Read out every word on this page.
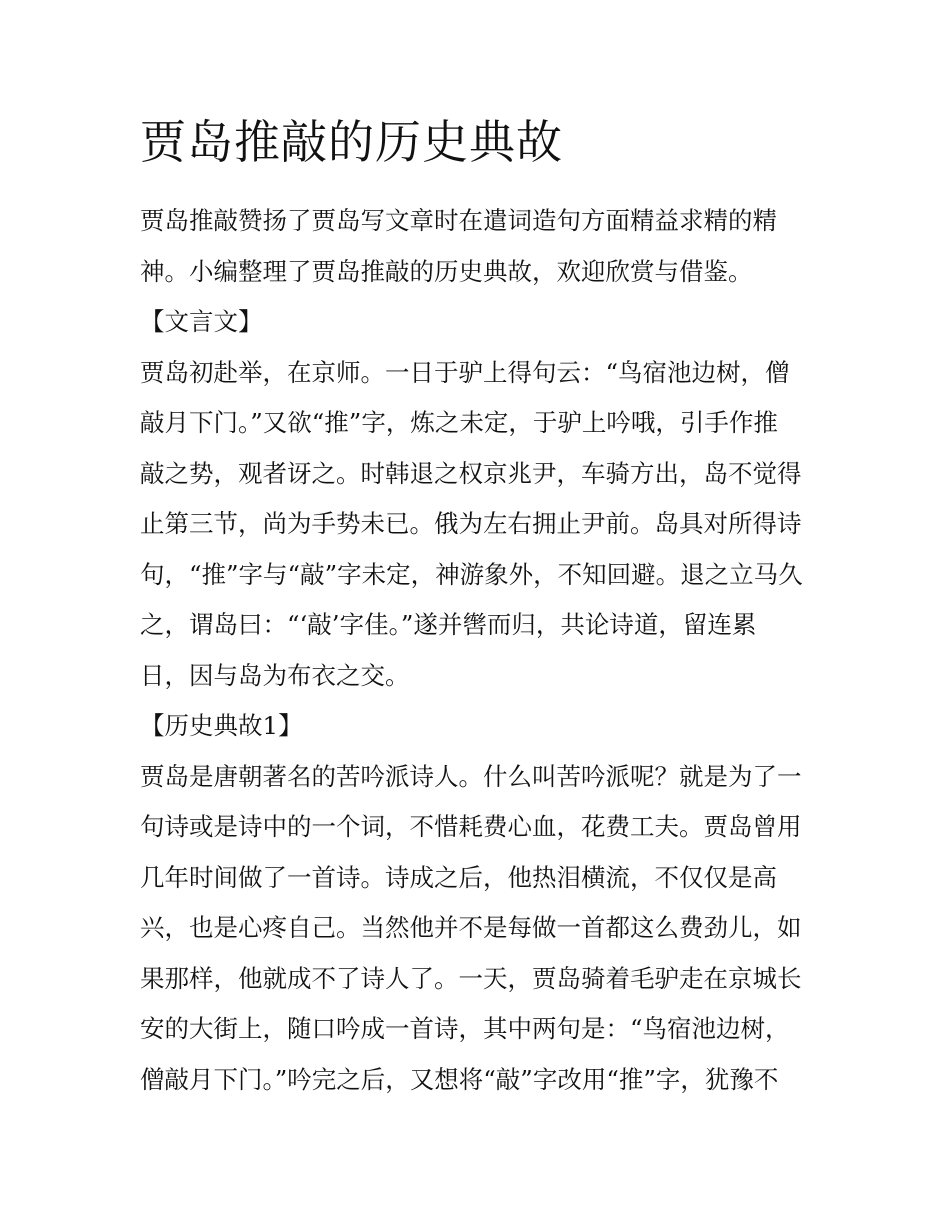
贾岛推敲的历史典故

贾岛推敲赞扬了贾岛写文章时在遣词造句方面精益求精的精
神。小编整理了贾岛推敲的历史典故，欢迎欣赏与借鉴。

【文言文】

贾岛初赴举，在京师。一日于驴上得句云：“鸟宿池边树，僧
敲月下门。”又欲“推”字，炼之未定，于驴上吟哦，引手作推
敲之势，观者讶之。时韩退之权京兆尹，车骑方出，岛不觉得
止第三节，尚为手势未已。俄为左右拥止尹前。岛具对所得诗
句，“推”字与“敲”字未定，神游象外，不知回避。退之立马久
之，谓岛曰：“‘敲’字佳。”遂并辔而归，共论诗道，留连累
日，因与岛为布衣之交。

【历史典故1】

贾岛是唐朝著名的苦吟派诗人。什么叫苦吟派呢？就是为了一
句诗或是诗中的一个词，不惜耗费心血，花费工夫。贾岛曾用
几年时间做了一首诗。诗成之后，他热泪横流，不仅仅是高
兴，也是心疼自己。当然他并不是每做一首都这么费劲儿，如
果那样，他就成不了诗人了。一天，贾岛骑着毛驴走在京城长
安的大街上，随口吟成一首诗，其中两句是：“鸟宿池边树，
僧敲月下门。”吟完之后，又想将“敲”字改用“推”字，犹豫不
